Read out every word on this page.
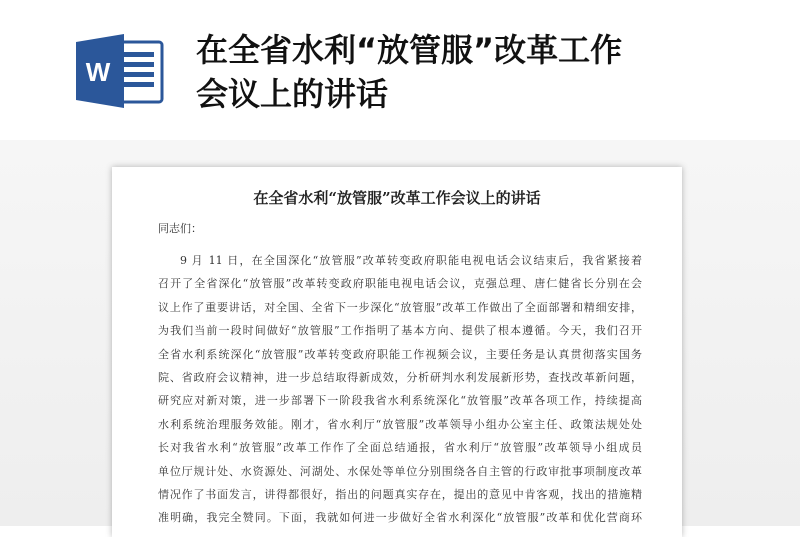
W
在全省水利“放管服”改革工作
会议上的讲话
在全省水利“放管服”改革工作会议上的讲话
同志们：
9 月 11 日，在全国深化“放管服”改革转变政府职能电视电话会议结束后，我省紧接着
召开了全省深化“放管服”改革转变政府职能电视电话会议，克强总理、唐仁健省长分别在会
议上作了重要讲话，对全国、全省下一步深化“放管服”改革工作做出了全面部署和精细安排，
为我们当前一段时间做好“放管服”工作指明了基本方向、提供了根本遵循。今天，我们召开
全省水利系统深化“放管服”改革转变政府职能工作视频会议，主要任务是认真贯彻落实国务
院、省政府会议精神，进一步总结取得新成效，分析研判水利发展新形势，查找改革新问题，
研究应对新对策，进一步部署下一阶段我省水利系统深化“放管服”改革各项工作，持续提高
水利系统治理服务效能。刚才，省水利厅“放管服”改革领导小组办公室主任、政策法规处处
长对我省水利“放管服”改革工作作了全面总结通报，省水利厅“放管服”改革领导小组成员
单位厅规计处、水资源处、河湖处、水保处等单位分别围绕各自主管的行政审批事项制度改革
情况作了书面发言，讲得都很好，指出的问题真实存在，提出的意见中肯客观，找出的措施精
准明确，我完全赞同。下面，我就如何进一步做好全省水利深化“放管服”改革和优化营商环
